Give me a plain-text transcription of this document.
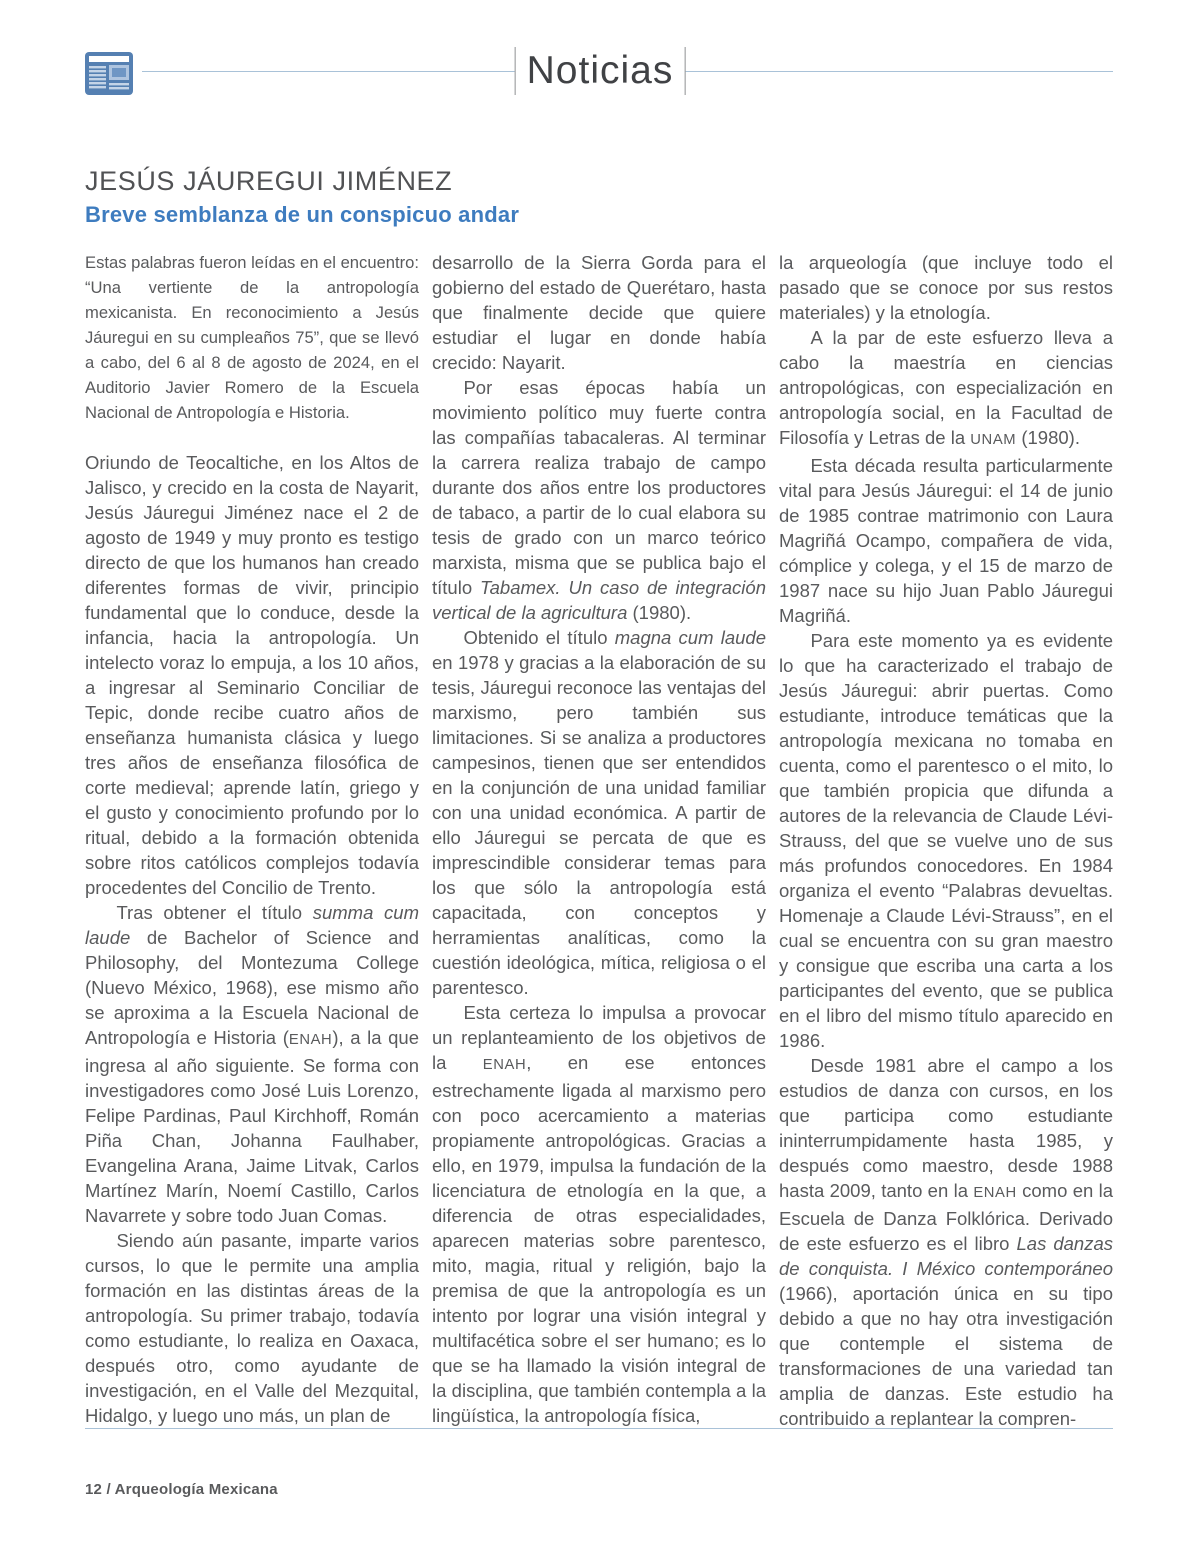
Noticias
JESÚS JÁUREGUI JIMÉNEZ
Breve semblanza de un conspicuo andar

Estas palabras fueron leídas en el encuentro: “Una vertiente de la antropología mexicanista. En reconocimiento a Jesús Jáuregui en su cumpleaños 75”, que se llevó a cabo, del 6 al 8 de agosto de 2024, en el Auditorio Javier Romero de la Escuela Nacional de Antropología e Historia.

Oriundo de Teocaltiche, en los Altos de Jalisco, y crecido en la costa de Nayarit, Jesús Jáuregui Jiménez nace el 2 de agosto de 1949 y muy pronto es testigo directo de que los humanos han creado diferentes formas de vivir, principio fundamental que lo conduce, desde la infancia, hacia la antropología. Un intelecto voraz lo empuja, a los 10 años, a ingresar al Seminario Conciliar de Tepic, donde recibe cuatro años de enseñanza humanista clásica y luego tres años de enseñanza filosófica de corte medieval; aprende latín, griego y el gusto y conocimiento profundo por lo ritual, debido a la formación obtenida sobre ritos católicos complejos todavía procedentes del Concilio de Trento.

Tras obtener el título summa cum laude de Bachelor of Science and Philosophy, del Montezuma College (Nuevo México, 1968), ese mismo año se aproxima a la Escuela Nacional de Antropología e Historia (ENAH), a la que ingresa al año siguiente. Se forma con investigadores como José Luis Lorenzo, Felipe Pardinas, Paul Kirchhoff, Román Piña Chan, Johanna Faulhaber, Evangelina Arana, Jaime Litvak, Carlos Martínez Marín, Noemí Castillo, Carlos Navarrete y sobre todo Juan Comas.

Siendo aún pasante, imparte varios cursos, lo que le permite una amplia formación en las distintas áreas de la antropología. Su primer trabajo, todavía como estudiante, lo realiza en Oaxaca, después otro, como ayudante de investigación, en el Valle del Mezquital, Hidalgo, y luego uno más, un plan de

desarrollo de la Sierra Gorda para el gobierno del estado de Querétaro, hasta que finalmente decide que quiere estudiar el lugar en donde había crecido: Nayarit.

Por esas épocas había un movimiento político muy fuerte contra las compañías tabacaleras. Al terminar la carrera realiza trabajo de campo durante dos años entre los productores de tabaco, a partir de lo cual elabora su tesis de grado con un marco teórico marxista, misma que se publica bajo el título Tabamex. Un caso de integración vertical de la agricultura (1980).

Obtenido el título magna cum laude en 1978 y gracias a la elaboración de su tesis, Jáuregui reconoce las ventajas del marxismo, pero también sus limitaciones. Si se analiza a productores campesinos, tienen que ser entendidos en la conjunción de una unidad familiar con una unidad económica. A partir de ello Jáuregui se percata de que es imprescindible considerar temas para los que sólo la antropología está capacitada, con conceptos y herramientas analíticas, como la cuestión ideológica, mítica, religiosa o el parentesco.

Esta certeza lo impulsa a provocar un replanteamiento de los objetivos de la ENAH, en ese entonces estrechamente ligada al marxismo pero con poco acercamiento a materias propiamente antropológicas. Gracias a ello, en 1979, impulsa la fundación de la licenciatura de etnología en la que, a diferencia de otras especialidades, aparecen materias sobre parentesco, mito, magia, ritual y religión, bajo la premisa de que la antropología es un intento por lograr una visión integral y multifacética sobre el ser humano; es lo que se ha llamado la visión integral de la disciplina, que también contempla a la lingüística, la antropología física,

la arqueología (que incluye todo el pasado que se conoce por sus restos materiales) y la etnología.

A la par de este esfuerzo lleva a cabo la maestría en ciencias antropológicas, con especialización en antropología social, en la Facultad de Filosofía y Letras de la UNAM (1980).

Esta década resulta particularmente vital para Jesús Jáuregui: el 14 de junio de 1985 contrae matrimonio con Laura Magriñá Ocampo, compañera de vida, cómplice y colega, y el 15 de marzo de 1987 nace su hijo Juan Pablo Jáuregui Magriñá.

Para este momento ya es evidente lo que ha caracterizado el trabajo de Jesús Jáuregui: abrir puertas. Como estudiante, introduce temáticas que la antropología mexicana no tomaba en cuenta, como el parentesco o el mito, lo que también propicia que difunda a autores de la relevancia de Claude Lévi-Strauss, del que se vuelve uno de sus más profundos conocedores. En 1984 organiza el evento “Palabras devueltas. Homenaje a Claude Lévi-Strauss”, en el cual se encuentra con su gran maestro y consigue que escriba una carta a los participantes del evento, que se publica en el libro del mismo título aparecido en 1986.

Desde 1981 abre el campo a los estudios de danza con cursos, en los que participa como estudiante ininterrumpidamente hasta 1985, y después como maestro, desde 1988 hasta 2009, tanto en la ENAH como en la Escuela de Danza Folklórica. Derivado de este esfuerzo es el libro Las danzas de conquista. I México contemporáneo (1966), aportación única en su tipo debido a que no hay otra investigación que contemple el sistema de transformaciones de una variedad tan amplia de danzas. Este estudio ha contribuido a replantear la compren-

12 / Arqueología Mexicana
